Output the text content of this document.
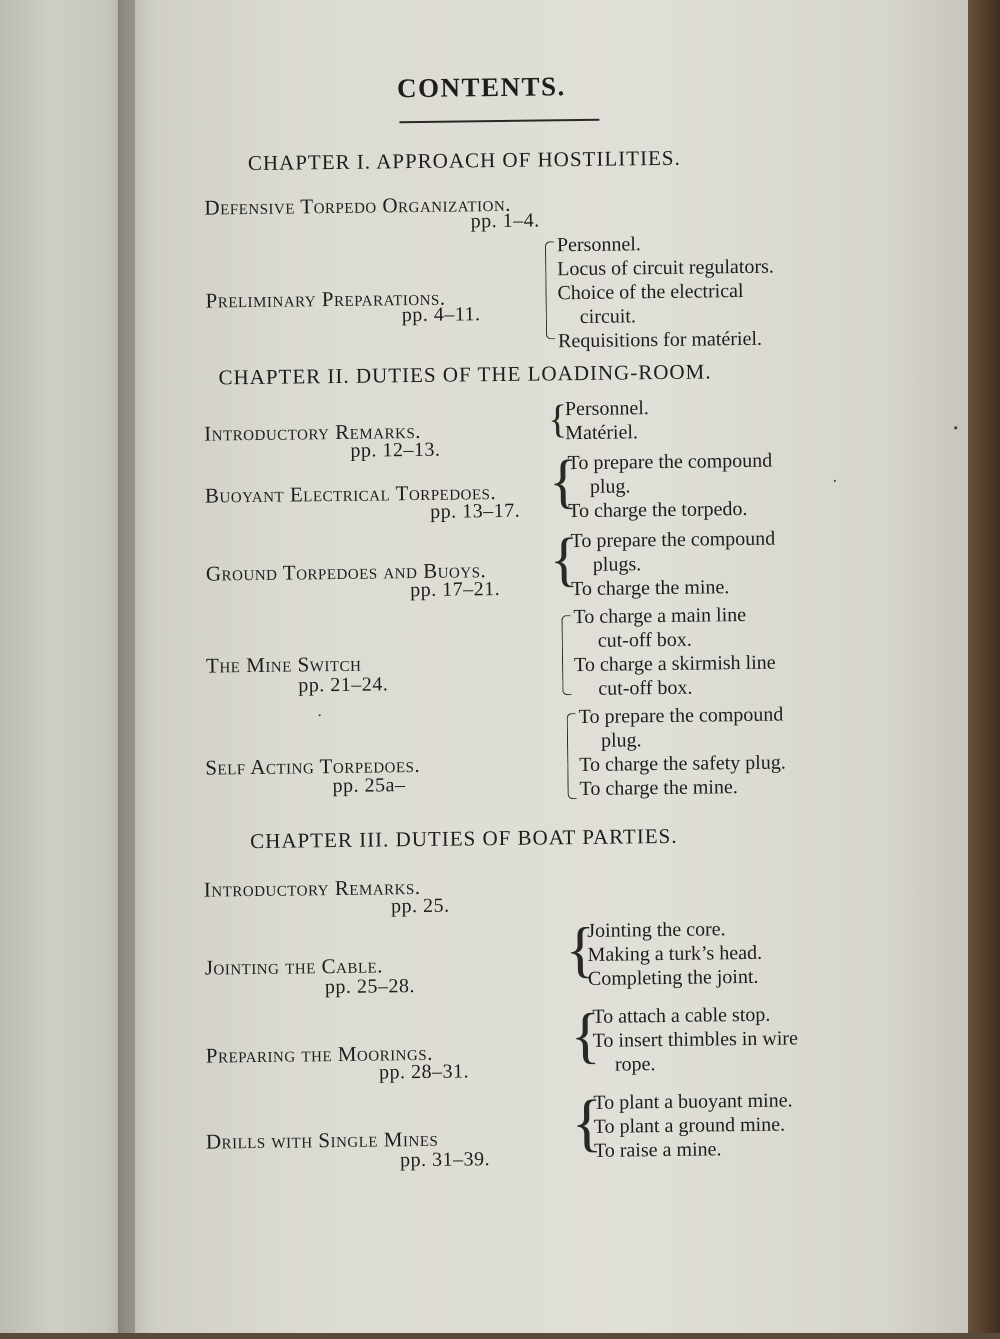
CONTENTS.
CHAPTER I. APPROACH OF HOSTILITIES.
Defensive Torpedo Organization.
pp. 1–4.
Preliminary Preparations.
pp. 4–11.
Personnel.
Locus of circuit regulators.
Choice of the electrical
circuit.
Requisitions for matériel.
CHAPTER II. DUTIES OF THE LOADING-ROOM.
Introductory Remarks.
pp. 12–13.
{
Personnel.
Matériel.
Buoyant Electrical Torpedoes.
pp. 13–17. {
To prepare the compound
plug.
To charge the torpedo.
Ground Torpedoes and Buoys.
pp. 17–21. {
To prepare the compound
plugs.
To charge the mine.
The Mine Switch
pp. 21–24.
To charge a main line
cut-off box.
To charge a skirmish line
cut-off box.
Self Acting Torpedoes.
pp. 25a–
To prepare the compound
plug.
To charge the safety plug.
To charge the mine.
CHAPTER III. DUTIES OF BOAT PARTIES.
Introductory Remarks.
pp. 25.
Jointing the Cable.
pp. 25–28.
{
Jointing the core.
Making a turk’s head.
Completing the joint.
Preparing the Moorings.
pp. 28–31.
{
To attach a cable stop.
To insert thimbles in wire
rope.
Drills with Single Mines
pp. 31–39.
{
To plant a buoyant mine.
To plant a ground mine.
To raise a mine.
